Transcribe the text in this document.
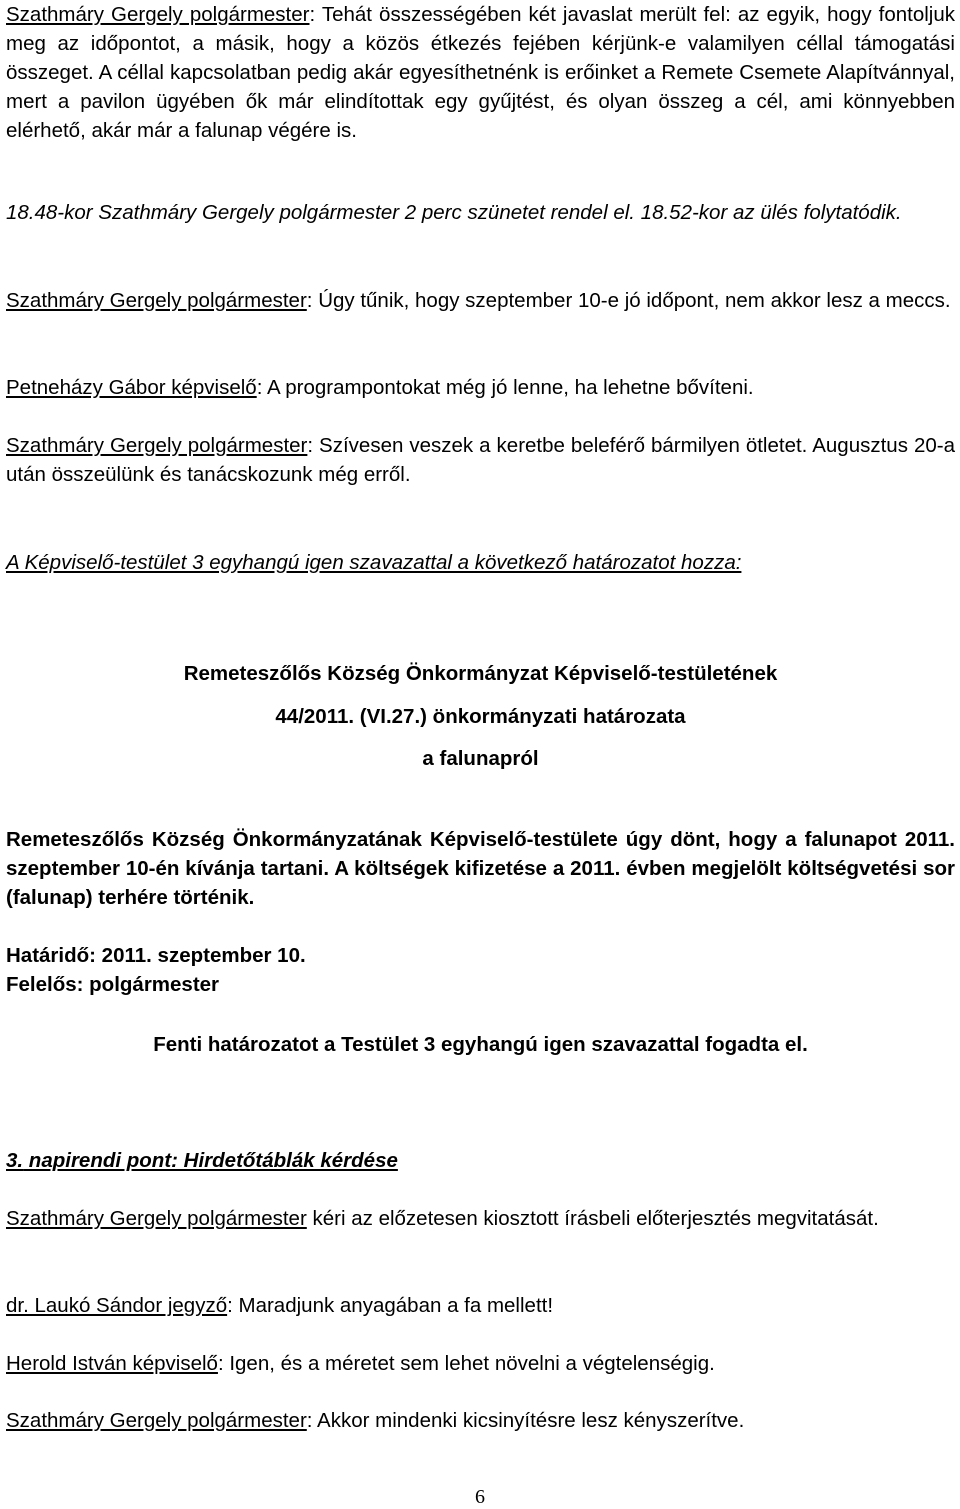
Szathmáry Gergely polgármester: Tehát összességében két javaslat merült fel: az egyik, hogy fontoljuk meg az időpontot, a másik, hogy a közös étkezés fejében kérjünk-e valamilyen céllal támogatási összeget. A céllal kapcsolatban pedig akár egyesíthetnénk is erőinket a Remete Csemete Alapítvánnyal, mert a pavilon ügyében ők már elindítottak egy gyűjtést, és olyan összeg a cél, ami könnyebben elérhető, akár már a falunap végére is.

18.48-kor Szathmáry Gergely polgármester 2 perc szünetet rendel el. 18.52-kor az ülés folytatódik.

Szathmáry Gergely polgármester: Úgy tűnik, hogy szeptember 10-e jó időpont, nem akkor lesz a meccs.

Petneházy Gábor képviselő: A programpontokat még jó lenne, ha lehetne bővíteni.

Szathmáry Gergely polgármester: Szívesen veszek a keretbe beleférő bármilyen ötletet. Augusztus 20-a után összeülünk és tanácskozunk még erről.

A Képviselő-testület 3 egyhangú igen szavazattal a következő határozatot hozza:

Remeteszőlős Község Önkormányzat Képviselő-testületének

44/2011. (VI.27.) önkormányzati határozata

a falunapról

Remeteszőlős Község Önkormányzatának Képviselő-testülete úgy dönt, hogy a falunapot 2011. szeptember 10-én kívánja tartani. A költségek kifizetése a 2011. évben megjelölt költségvetési sor (falunap) terhére történik.

Határidő: 2011. szeptember 10.

Felelős: polgármester

Fenti határozatot a Testület 3 egyhangú igen szavazattal fogadta el.

3. napirendi pont: Hirdetőtáblák kérdése

Szathmáry Gergely polgármester kéri az előzetesen kiosztott írásbeli előterjesztés megvitatását.

dr. Laukó Sándor jegyző: Maradjunk anyagában a fa mellett!

Herold István képviselő: Igen, és a méretet sem lehet növelni a végtelenségig.

Szathmáry Gergely polgármester: Akkor mindenki kicsinyítésre lesz kényszerítve.

6
